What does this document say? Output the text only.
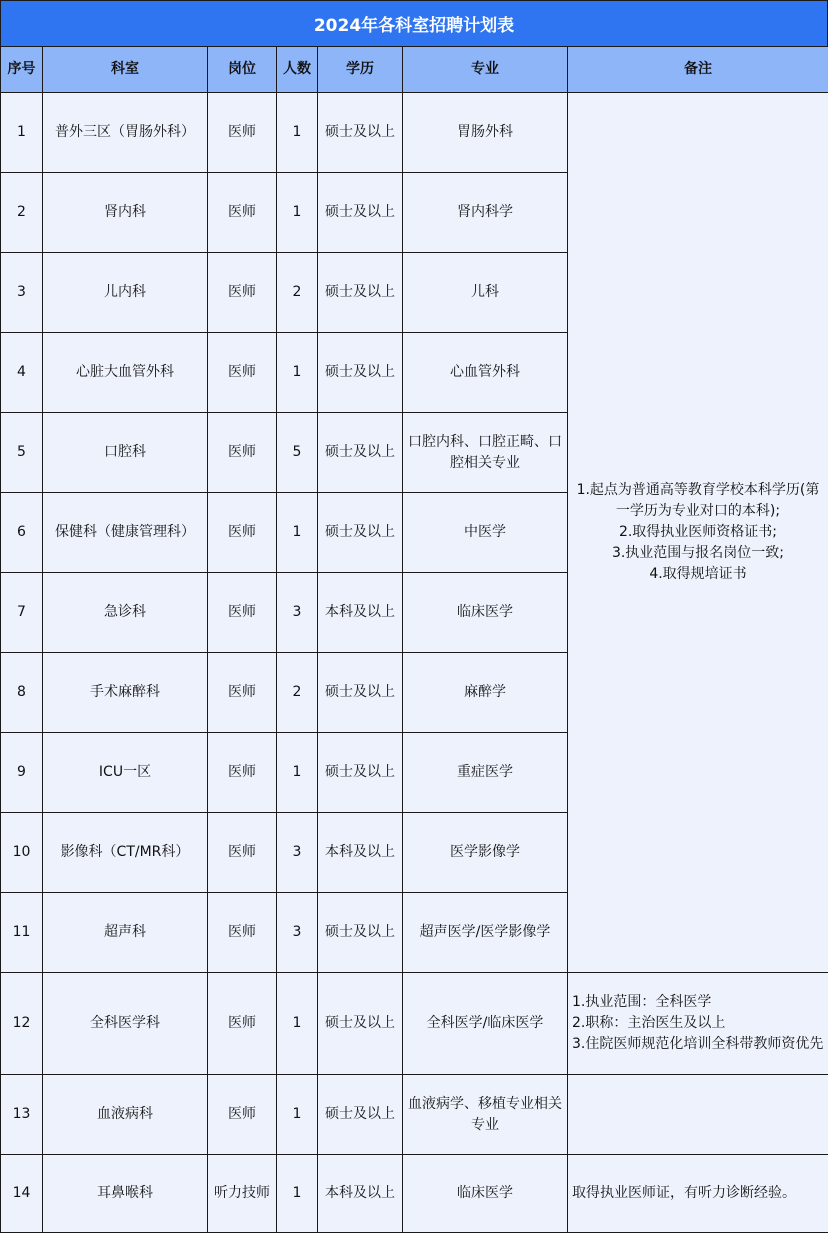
2024年各科室招聘计划表
序号	科室	岗位	人数	学历	专业	备注
1	普外三区（胃肠外科）	医师	1	硕士及以上	胃肠外科	1.起点为普通高等教育学校本科学历(第一学历为专业对口的本科);
2.取得执业医师资格证书;
3.执业范围与报名岗位一致;
4.取得规培证书

2	肾内科	医师	1	硕士及以上	肾内科学	
3	儿内科	医师	2	硕士及以上	儿科	
4	心脏大血管外科	医师	1	硕士及以上	心血管外科	
5	口腔科	医师	5	硕士及以上	口腔内科、口腔正畸、口腔相关专业	
6	保健科（健康管理科）	医师	1	硕士及以上	中医学	
7	急诊科	医师	3	本科及以上	临床医学	
8	手术麻醉科	医师	2	硕士及以上	麻醉学	
9	ICU一区	医师	1	硕士及以上	重症医学	
10	影像科（CT/MR科）	医师	3	本科及以上	医学影像学	
11	超声科	医师	3	硕士及以上	超声医学/医学影像学	
12	全科医学科	医师	1	硕士及以上	全科医学/临床医学	1.执业范围：全科医学
2.职称：主治医生及以上
3.住院医师规范化培训全科带教师资优先

13	血液病科	医师	1	硕士及以上	血液病学、移植专业相关专业	
14	耳鼻喉科	听力技师	1	本科及以上	临床医学	取得执业医师证，有听力诊断经验。
